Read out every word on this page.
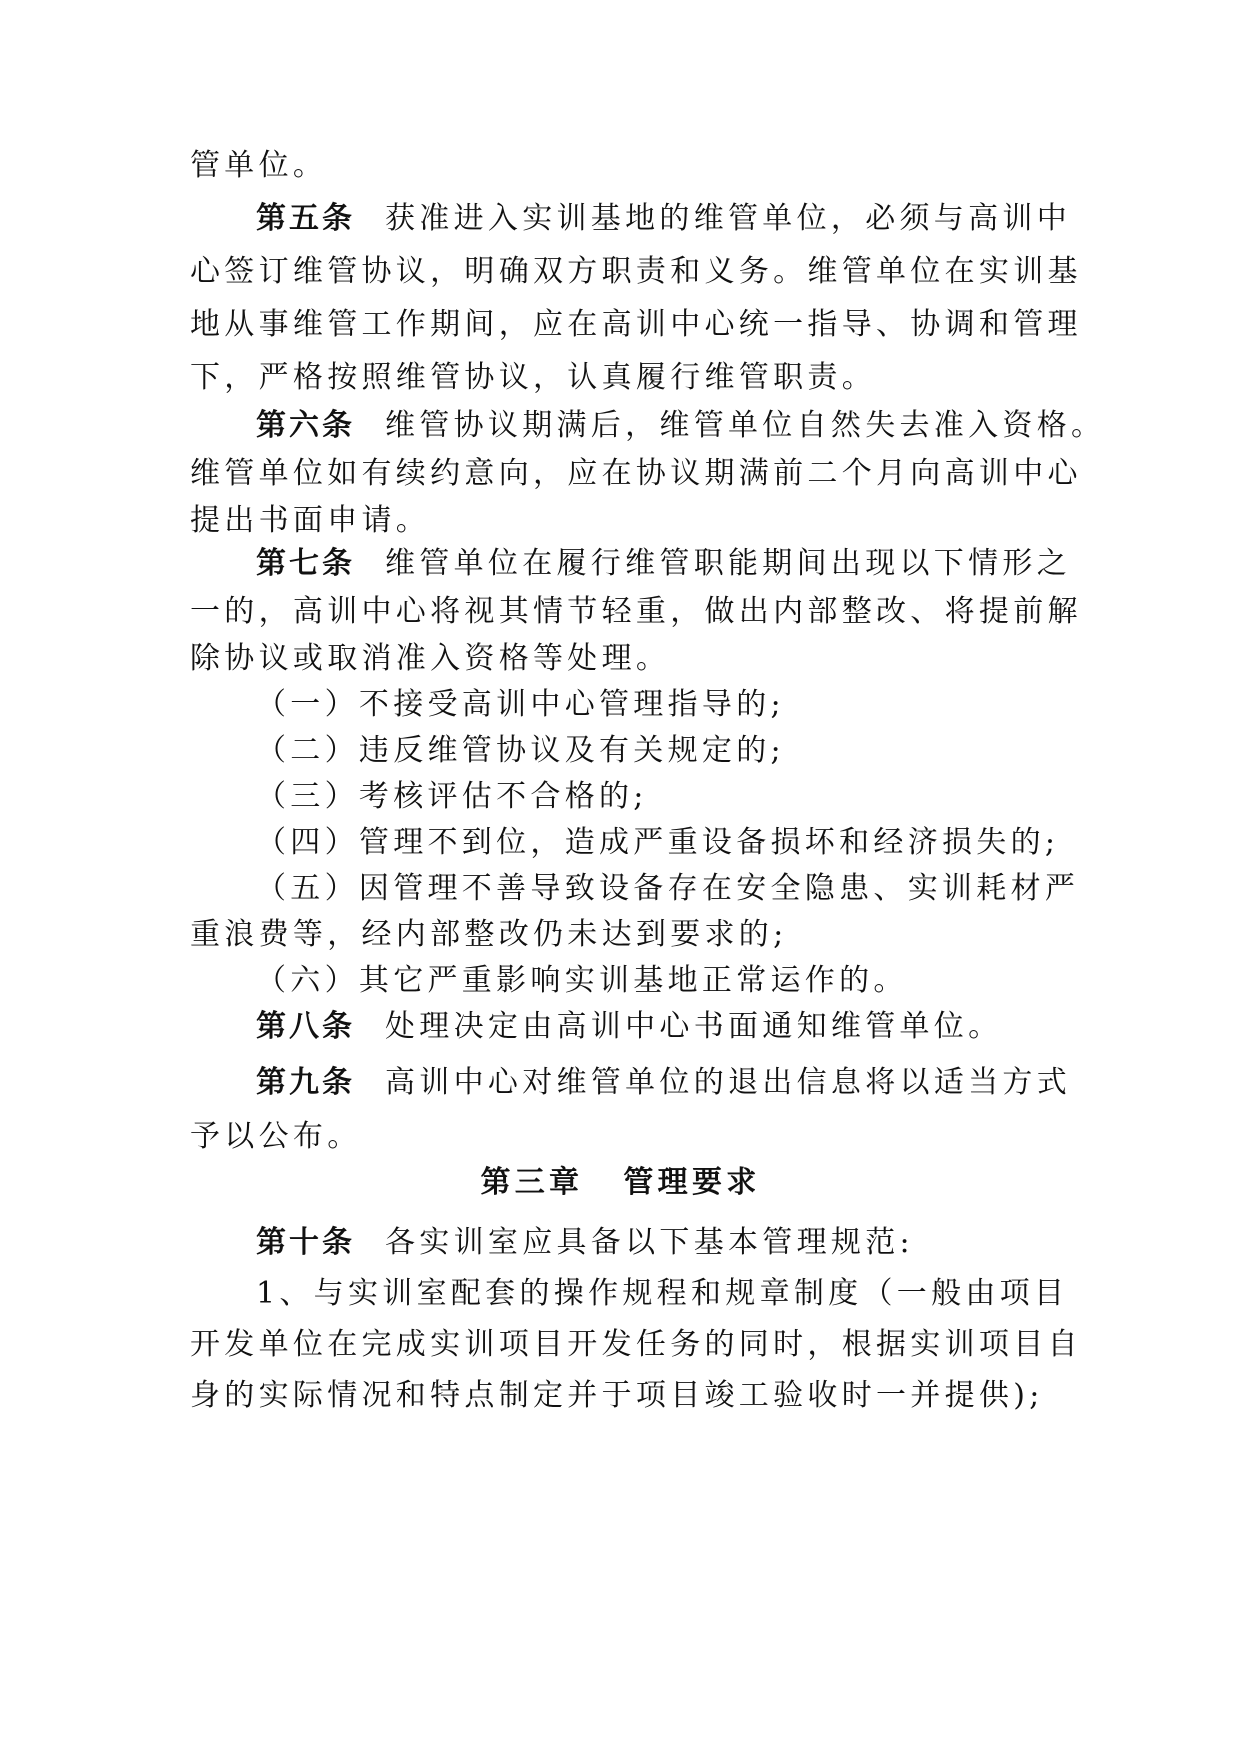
管单位。
第五条 获准进入实训基地的维管单位，必须与高训中
心签订维管协议，明确双方职责和义务。维管单位在实训基
地从事维管工作期间，应在高训中心统一指导、协调和管理
下，严格按照维管协议，认真履行维管职责。
第六条 维管协议期满后，维管单位自然失去准入资格。
维管单位如有续约意向，应在协议期满前二个月向高训中心
提出书面申请。
第七条 维管单位在履行维管职能期间出现以下情形之
一的，高训中心将视其情节轻重，做出内部整改、将提前解
除协议或取消准入资格等处理。
（一）不接受高训中心管理指导的;
（二）违反维管协议及有关规定的;
（三）考核评估不合格的;
（四）管理不到位，造成严重设备损坏和经济损失的;
（五）因管理不善导致设备存在安全隐患、实训耗材严
重浪费等，经内部整改仍未达到要求的;
（六）其它严重影响实训基地正常运作的。
第八条 处理决定由高训中心书面通知维管单位。
第九条 高训中心对维管单位的退出信息将以适当方式
予以公布。
第三章 管理要求
第十条 各实训室应具备以下基本管理规范:
1、与实训室配套的操作规程和规章制度（一般由项目
开发单位在完成实训项目开发任务的同时，根据实训项目自
身的实际情况和特点制定并于项目竣工验收时一并提供);
